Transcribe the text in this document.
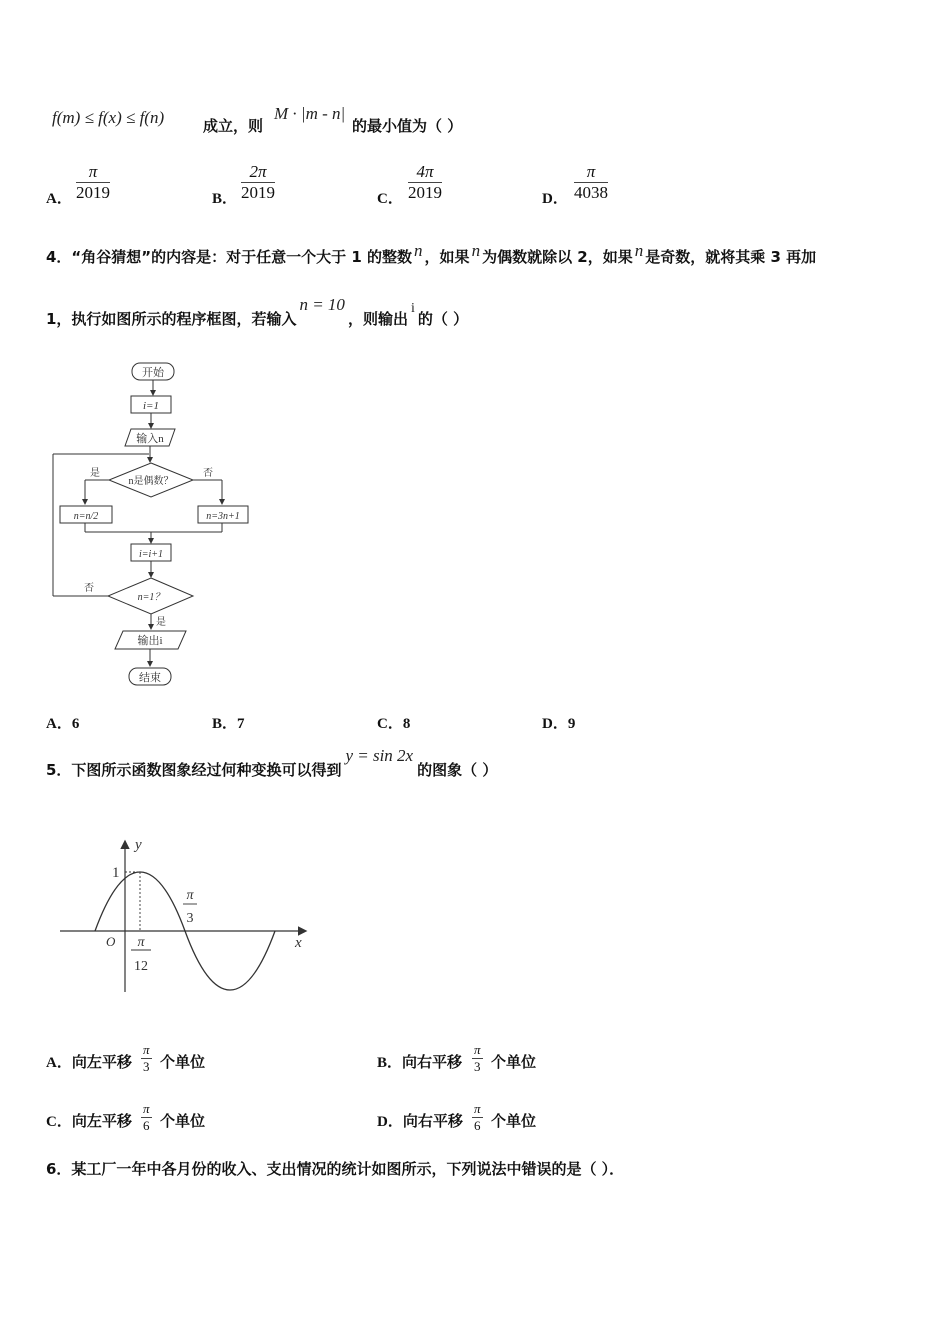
f(m) ≤ f(x) ≤ f(n)	成立，则
M · |m - n|
的最小值为（ ）
A． $\frac{\pi}{2019}$	B． $\frac{2\pi}{2019}$	C． $\frac{4\pi}{2019}$	D． $\frac{\pi}{4038}$
4．“角谷猜想”的内容是：对于任意一个大于 1 的整数 n ，如果 n 为偶数就除以 2，如果 n 是奇数，就将其乘 3 再加
1，执行如图所示的程序框图，若输入n = 10，则输出i的（ ）
开始
i=1
输入n
n是偶数？
是	否
n=n/2	n=3n+1
i=i+1
n=1？
否
是
输出i
结束
A．6	B．7	C．8	D．9
5．下图所示函数图象经过何种变换可以得到y = sin 2x的图象（ ）
y
x
O
1
π
12
π
3
A．向左平移 $\frac{\pi}{3}$ 个单位	B．向右平移 $\frac{\pi}{3}$ 个单位
C．向左平移 $\frac{\pi}{6}$ 个单位	D．向右平移 $\frac{\pi}{6}$ 个单位
6．某工厂一年中各月份的收入、支出情况的统计如图所示，下列说法中错误的是（ ）．
